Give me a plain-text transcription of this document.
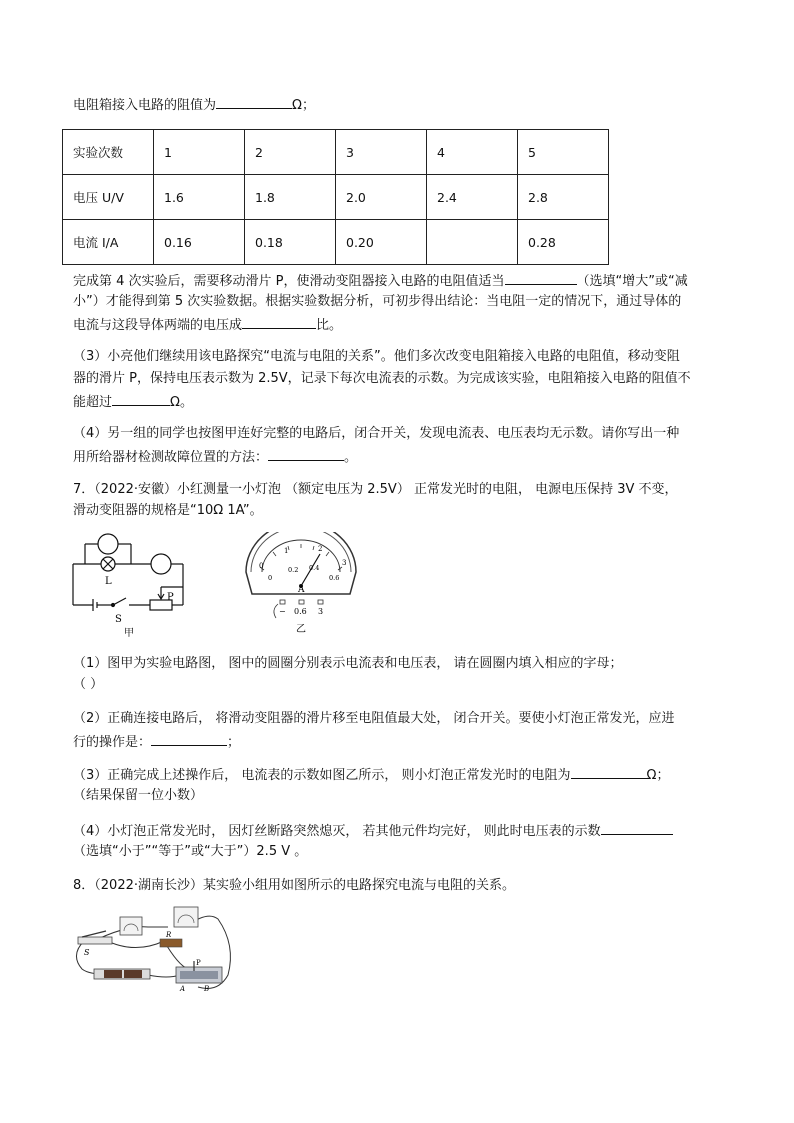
电阻箱接入电路的阻值为	Ω；
实验次数	1	2	3	4	5
电压 U/V	1.6	1.8	2.0	2.4	2.8
电流 I/A	0.16	0.18	0.20		0.28
完成第 4 次实验后，需要移动滑片 P，使滑动变阻器接入电路的电阻值适当	（选填“增大”或“减
小”）才能得到第 5 次实验数据。根据实验数据分析，可初步得出结论：当电阻一定的情况下，通过导体的
电流与这段导体两端的电压成	比。
（3）小亮他们继续用该电路探究“电流与电阻的关系”。他们多次改变电阻箱接入电路的电阻值，移动变阻
器的滑片 P，保持电压表示数为 2.5V，记录下每次电流表的示数。为完成该实验，电阻箱接入电路的阻值不
能超过	Ω。
（4）另一组的同学也按图甲连好完整的电路后，闭合开关，发现电流表、电压表均无示数。请你写出一种
用所给器材检测故障位置的方法：	。
7．（2022·安徽）小红测量一小灯泡 （额定电压为 2.5V） 正常发光时的电阻， 电源电压保持 3V 不变，
滑动变阻器的规格是“10Ω 1A”。
L
P
S
甲
0
1	2
3
0
0.2 0.4
0.6
A
− 0.6 3
乙
（1）图甲为实验电路图， 图中的圆圈分别表示电流表和电压表， 请在圆圈内填入相应的字母；
（ ）
（2）正确连接电路后， 将滑动变阻器的滑片移至电阻值最大处， 闭合开关。要使小灯泡正常发光，应进
行的操作是：	；
（3）正确完成上述操作后， 电流表的示数如图乙所示， 则小灯泡正常发光时的电阻为	Ω；
（结果保留一位小数）
（4）小灯泡正常发光时， 因灯丝断路突然熄灭， 若其他元件均完好， 则此时电压表的示数
（选填“小于”“等于”或“大于”）2.5 V 。
8．（2022·湖南长沙）某实验小组用如图所示的电路探究电流与电阻的关系。
S
R
P
A	B
